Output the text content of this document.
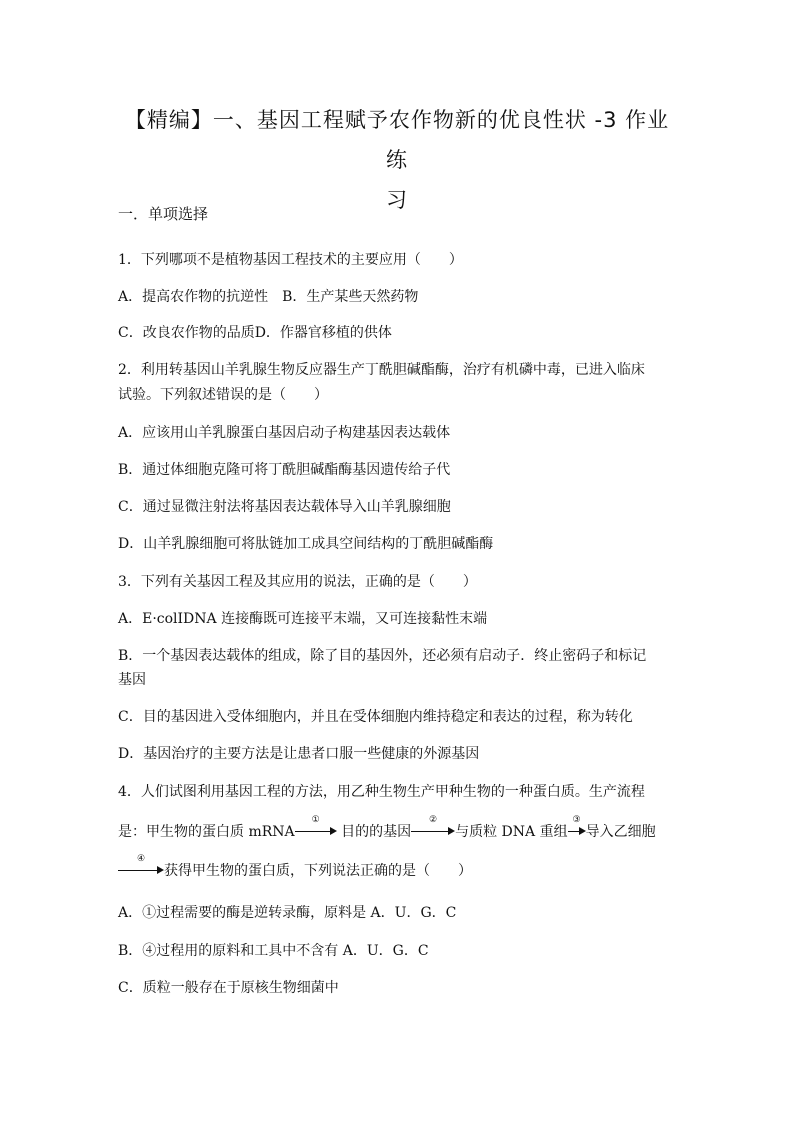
【精编】一、基因工程赋予农作物新的优良性状 -3 作业练
习
一．单项选择
1．下列哪项不是植物基因工程技术的主要应用（　　）
A．提高农作物的抗逆性　B．生产某些天然药物
C．改良农作物的品质D．作器官移植的供体
2．利用转基因山羊乳腺生物反应器生产丁酰胆碱酯酶，治疗有机磷中毒，已进入临床
试验。下列叙述错误的是（　　）
A．应该用山羊乳腺蛋白基因启动子构建基因表达载体
B．通过体细胞克隆可将丁酰胆碱酯酶基因遗传给子代
C．通过显微注射法将基因表达载体导入山羊乳腺细胞
D．山羊乳腺细胞可将肽链加工成具空间结构的丁酰胆碱酯酶
3．下列有关基因工程及其应用的说法，正确的是（　　）
A．E·colⅠDNA 连接酶既可连接平末端，又可连接黏性末端
B．一个基因表达载体的组成，除了目的基因外，还必须有启动子．终止密码子和标记
基因
C．目的基因进入受体细胞内，并且在受体细胞内维持稳定和表达的过程，称为转化
D．基因治疗的主要方法是让患者口服一些健康的外源基因
4．人们试图利用基因工程的方法，用乙种生物生产甲种生物的一种蛋白质。生产流程
是：甲生物的蛋白质 mRNA
①
目的的基因
②
与质粒 DNA 重组
③
导入乙细胞
④
获得甲生物的蛋白质，下列说法正确的是（　　）
A．①过程需要的酶是逆转录酶，原料是 A．U．G．C
B．④过程用的原料和工具中不含有 A．U．G．C
C．质粒一般存在于原核生物细菌中
